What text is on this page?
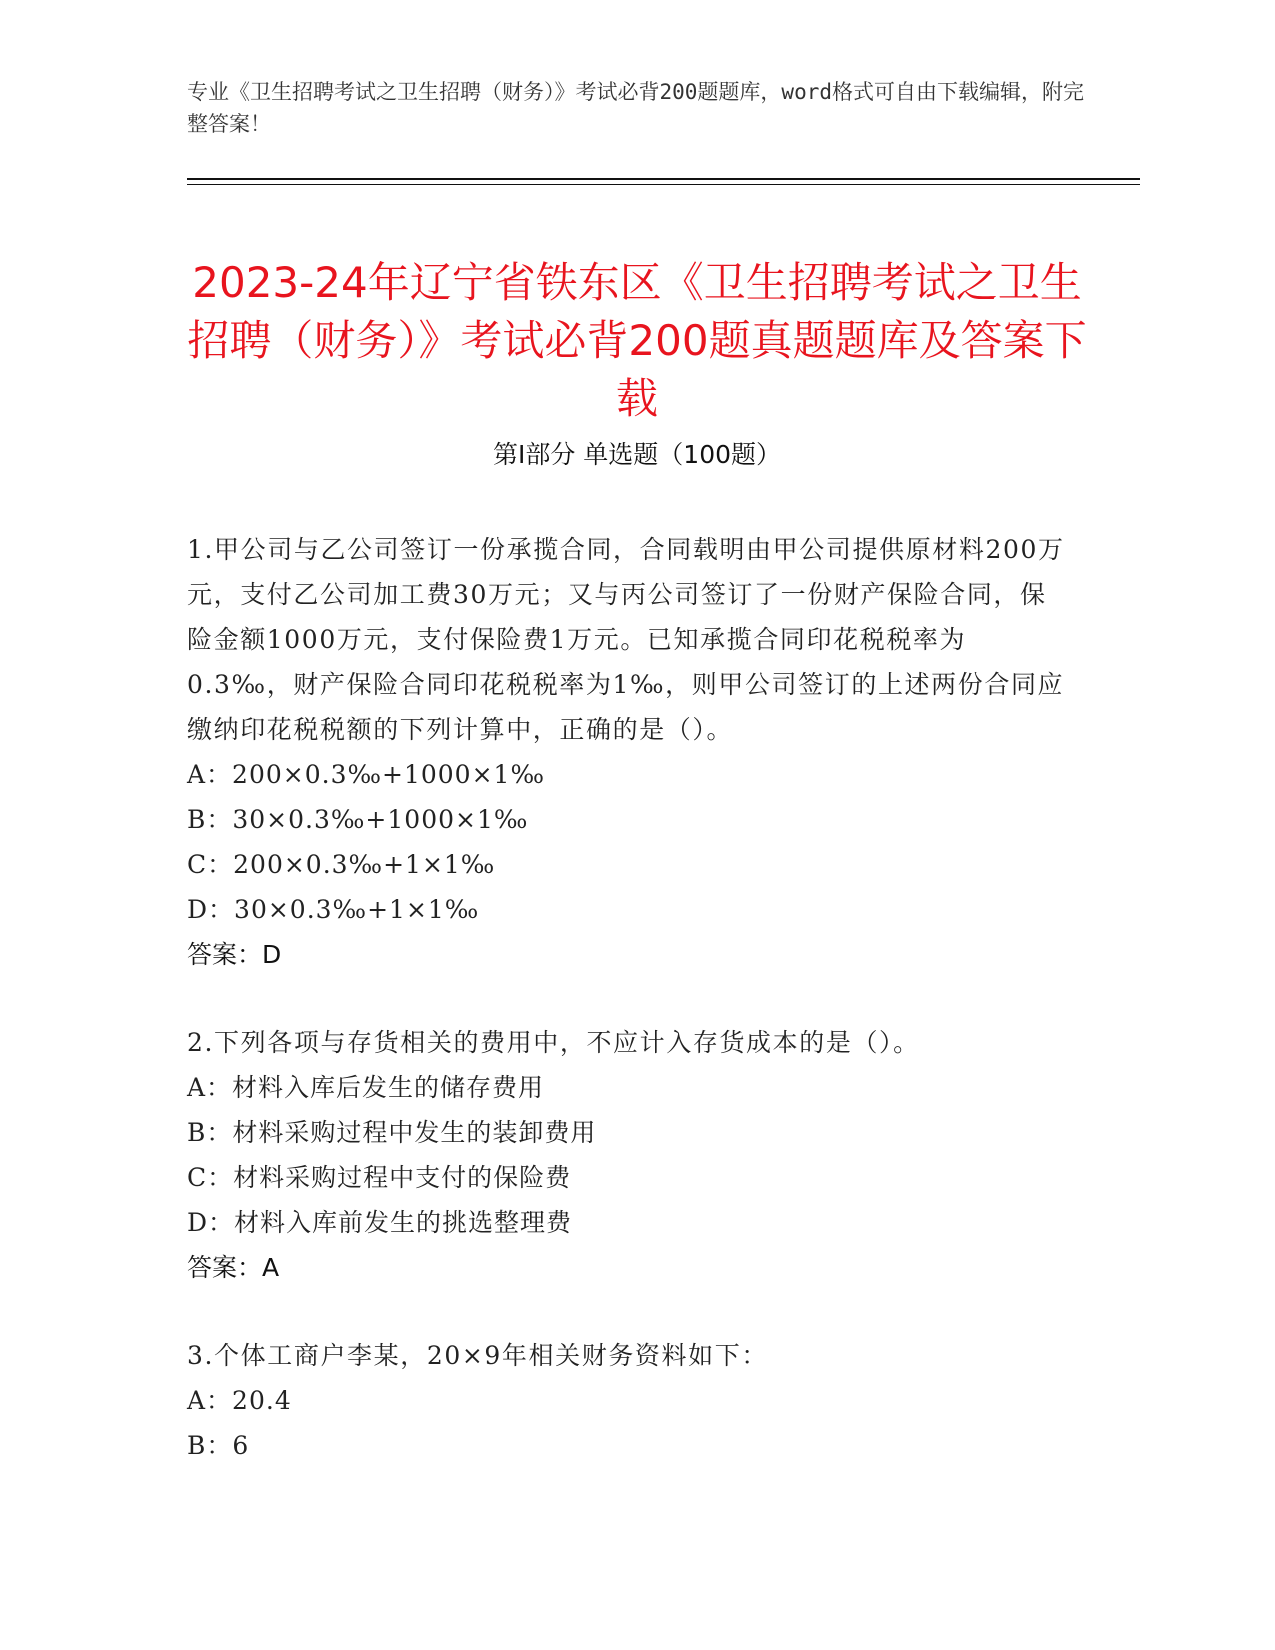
专业《卫生招聘考试之卫生招聘（财务）》考试必背200题题库，word格式可自由下载编辑，附完整答案！
2023-24年辽宁省铁东区《卫生招聘考试之卫生招聘（财务）》考试必背200题真题题库及答案下载
第Ⅰ部分 单选题（100题）

1.甲公司与乙公司签订一份承揽合同，合同载明由甲公司提供原材料200万元，支付乙公司加工费30万元；又与丙公司签订了一份财产保险合同，保险金额1000万元，支付保险费1万元。已知承揽合同印花税税率为0.3‰，财产保险合同印花税税率为1‰，则甲公司签订的上述两份合同应缴纳印花税税额的下列计算中，正确的是（）。

A：200×0.3‰+1000×1‰

B：30×0.3‰+1000×1‰

C：200×0.3‰+1×1‰

D：30×0.3‰+1×1‰

答案：D

2.下列各项与存货相关的费用中，不应计入存货成本的是（）。

A：材料入库后发生的储存费用

B：材料采购过程中发生的装卸费用

C：材料采购过程中支付的保险费

D：材料入库前发生的挑选整理费

答案：A

3.个体工商户李某，20×9年相关财务资料如下：

A：20.4

B：6
